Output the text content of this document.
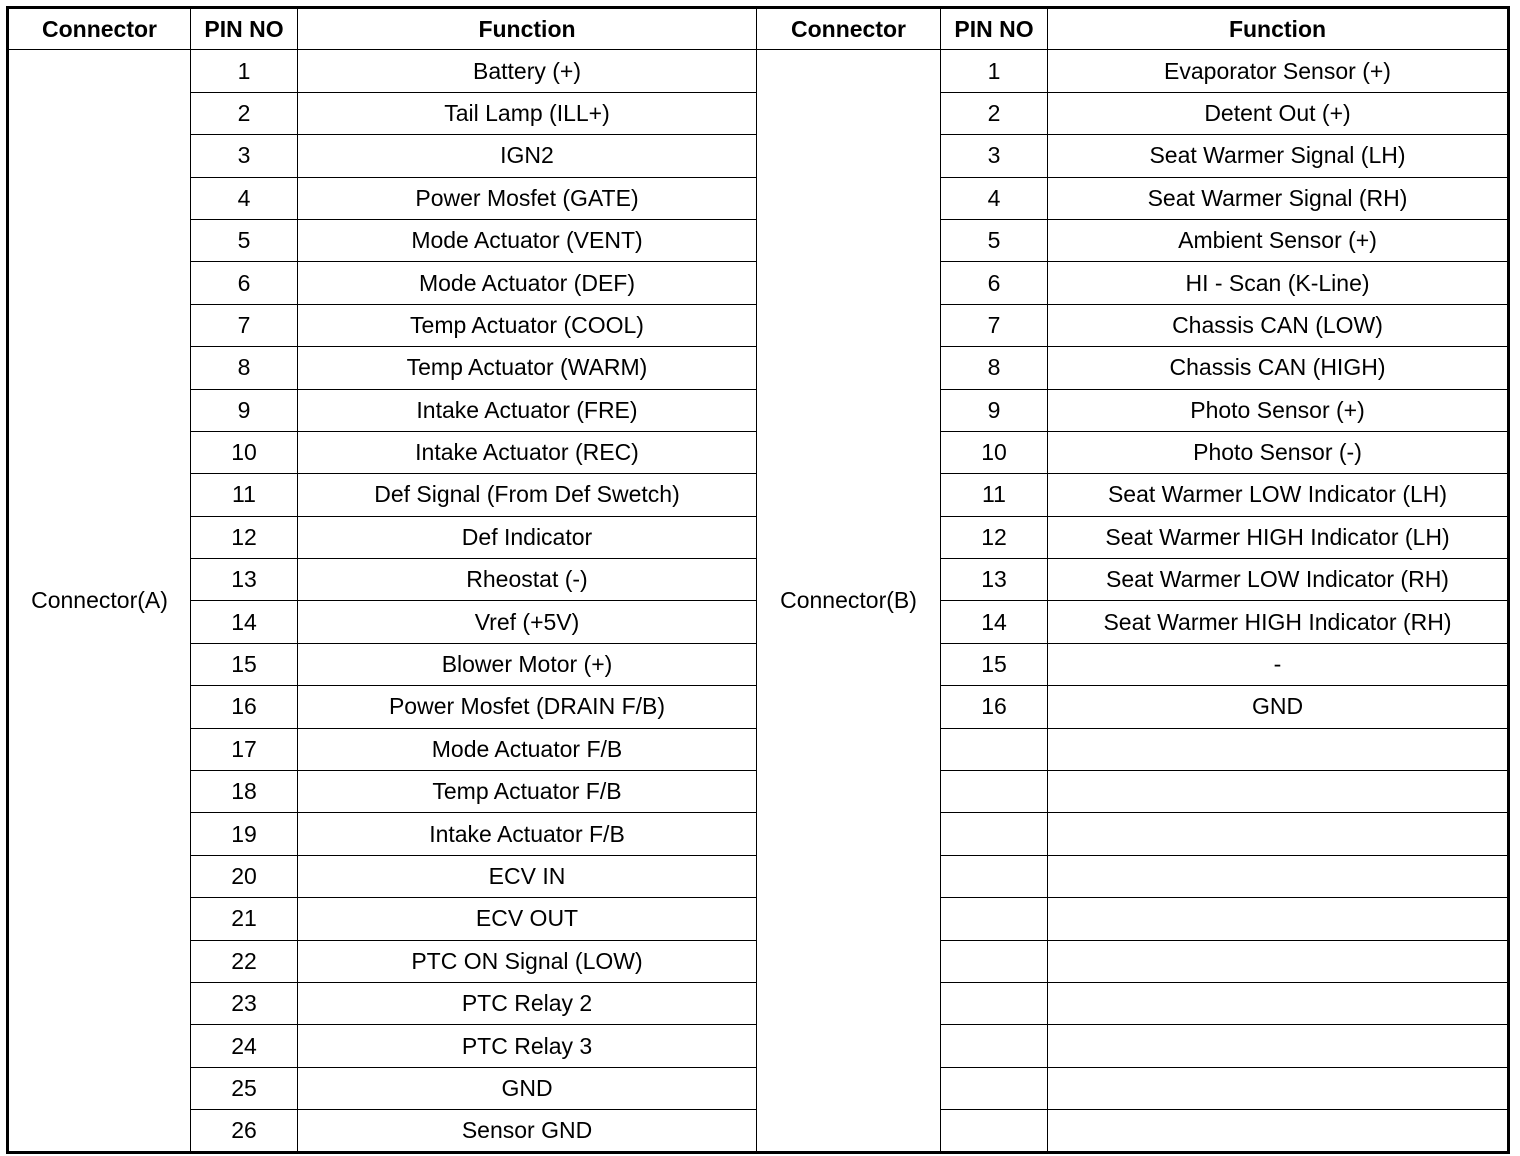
Connector	PIN NO	Function	Connector	PIN NO	Function
Connector(A)	1	Battery (+)	Connector(B)	1	Evaporator Sensor (+)
	2	Tail Lamp (ILL+)		2	Detent Out (+)
	3	IGN2		3	Seat Warmer Signal (LH)
	4	Power Mosfet (GATE)		4	Seat Warmer Signal (RH)
	5	Mode Actuator (VENT)		5	Ambient Sensor (+)
	6	Mode Actuator (DEF)		6	HI - Scan (K-Line)
	7	Temp Actuator (COOL)		7	Chassis CAN (LOW)
	8	Temp Actuator (WARM)		8	Chassis CAN (HIGH)
	9	Intake Actuator (FRE)		9	Photo Sensor (+)
	10	Intake Actuator (REC)		10	Photo Sensor (-)
	11	Def Signal (From Def Swetch)		11	Seat Warmer LOW Indicator (LH)
	12	Def Indicator		12	Seat Warmer HIGH Indicator (LH)
	13	Rheostat (-)		13	Seat Warmer LOW Indicator (RH)
	14	Vref (+5V)		14	Seat Warmer HIGH Indicator (RH)
	15	Blower Motor (+)		15	-
	16	Power Mosfet (DRAIN F/B)		16	GND
	17	Mode Actuator F/B			
	18	Temp Actuator F/B			
	19	Intake Actuator F/B			
	20	ECV IN			
	21	ECV OUT			
	22	PTC ON Signal (LOW)			
	23	PTC Relay 2			
	24	PTC Relay 3			
	25	GND			
	26	Sensor GND			
